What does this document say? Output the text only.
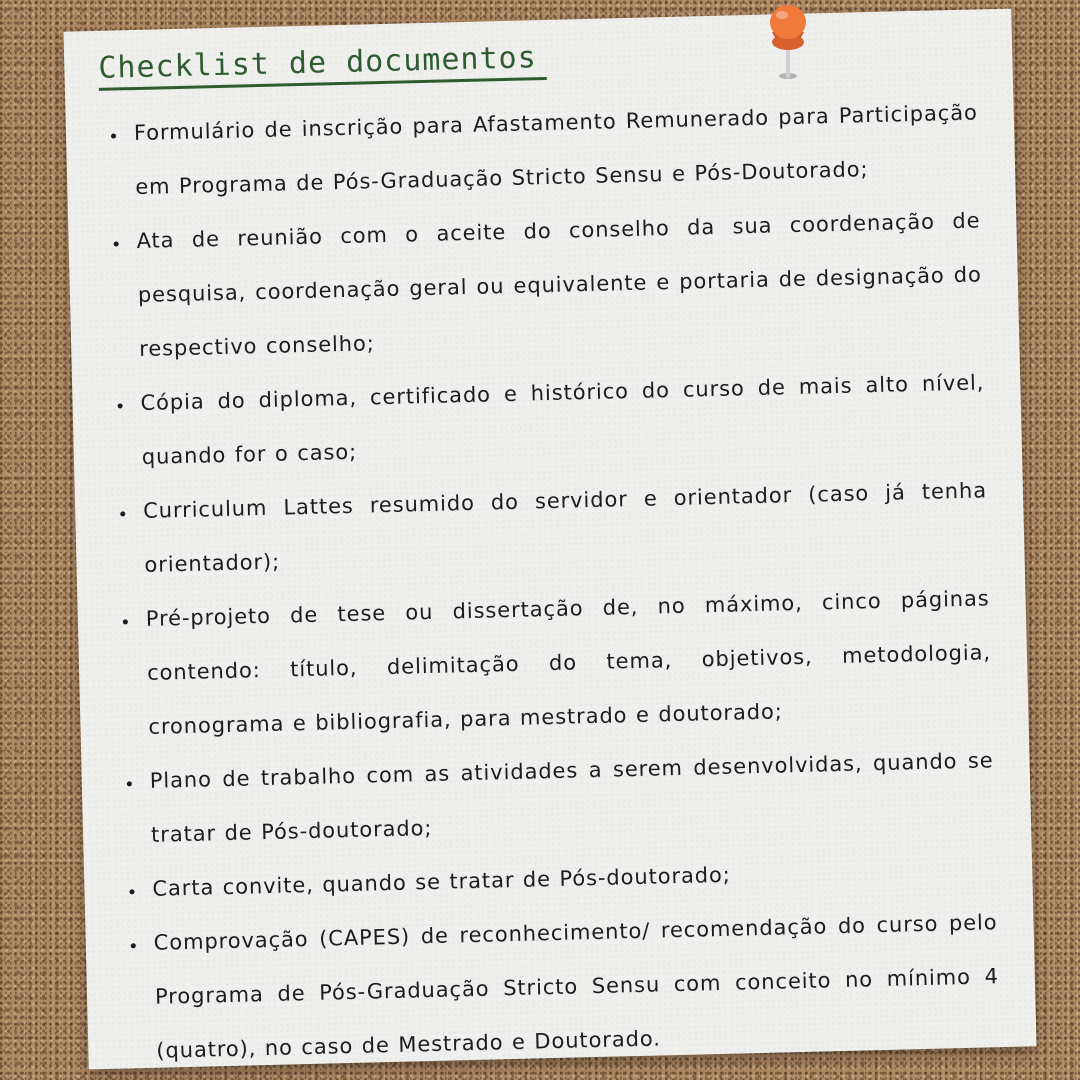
Checklist de documentos
• Formulário de inscrição para Afastamento Remunerado para Participação em Programa de Pós-Graduação Stricto Sensu e Pós-Doutorado;
• Ata de reunião com o aceite do conselho da sua coordenação de pesquisa, coordenação geral ou equivalente e portaria de designação do respectivo conselho;
• Cópia do diploma, certificado e histórico do curso de mais alto nível, quando for o caso;
• Curriculum Lattes resumido do servidor e orientador (caso já tenha orientador);
• Pré-projeto de tese ou dissertação de, no máximo, cinco páginas contendo: título, delimitação do tema, objetivos, metodologia, cronograma e bibliografia, para mestrado e doutorado;
• Plano de trabalho com as atividades a serem desenvolvidas, quando se tratar de Pós-doutorado;
• Carta convite, quando se tratar de Pós-doutorado;
• Comprovação (CAPES) de reconhecimento/ recomendação do curso pelo Programa de Pós-Graduação Stricto Sensu com conceito no mínimo 4 (quatro), no caso de Mestrado e Doutorado.
